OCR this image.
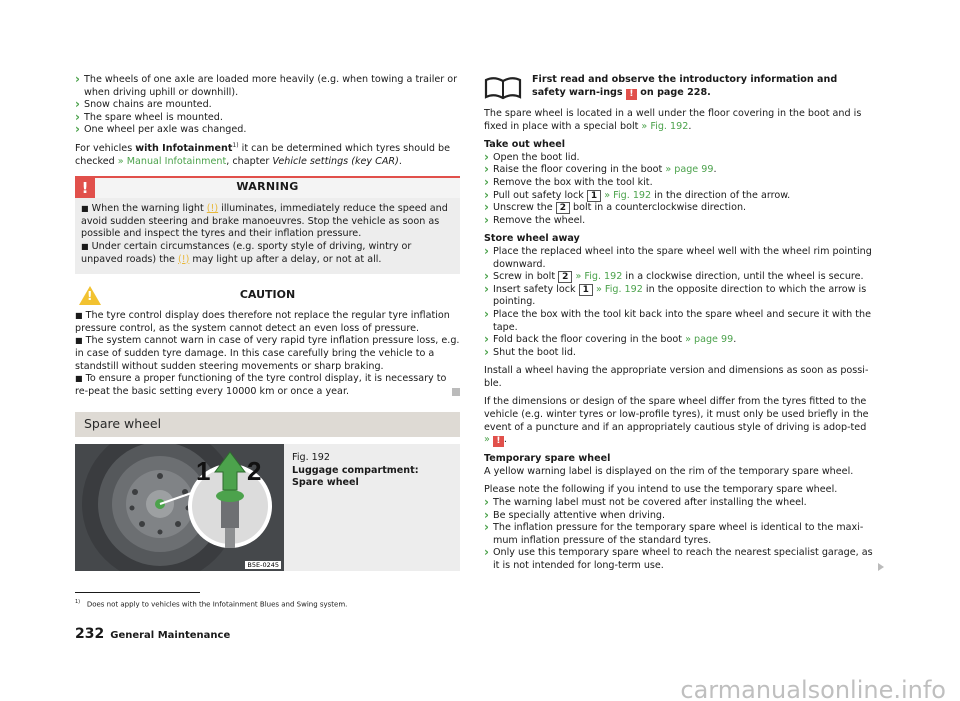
› The wheels of one axle are loaded more heavily (e.g. when towing a trailer or when driving uphill or downhill).
› Snow chains are mounted.
› The spare wheel is mounted.
› One wheel per axle was changed.

For vehicles with Infotainment$^{1)}$ it can be determined which tyres should be checked » Manual Infotainment, chapter Vehicle settings (key CAR).

!	WARNING
■ When the warning light (!) illuminates, immediately reduce the speed and avoid sudden steering and brake manoeuvres. Stop the vehicle as soon as possible and inspect the tyres and their inflation pressure.
■ Under certain circumstances (e.g. sporty style of driving, wintry or unpaved roads) the (!) may light up after a delay, or not at all.
!	CAUTION
■ The tyre control display does therefore not replace the regular tyre inflation pressure control, as the system cannot detect an even loss of pressure.
■ The system cannot warn in case of very rapid tyre inflation pressure loss, e.g. in case of sudden tyre damage. In this case carefully bring the vehicle to a standstill without sudden steering movements or sharp braking.
■ To ensure a proper functioning of the tyre control display, it is necessary to re-peat the basic setting every 10000 km or once a year.
Spare wheel
1 2
B5E-0245
Fig. 192
Luggage compartment: Spare wheel
First read and observe the introductory information and safety warn-ings ! on page 228.

The spare wheel is located in a well under the floor covering in the boot and is fixed in place with a special bolt » Fig. 192.

Take out wheel
› Open the boot lid.
› Raise the floor covering in the boot » page 99.
› Remove the box with the tool kit.
› Pull out safety lock 1 » Fig. 192 in the direction of the arrow.
› Unscrew the 2 bolt in a counterclockwise direction.
› Remove the wheel.
Store wheel away
› Place the replaced wheel into the spare wheel well with the wheel rim pointing downward.
› Screw in bolt 2 » Fig. 192 in a clockwise direction, until the wheel is secure.
› Insert safety lock 1 » Fig. 192 in the opposite direction to which the arrow is pointing.
› Place the box with the tool kit back into the spare wheel and secure it with the tape.
› Fold back the floor covering in the boot » page 99.
› Shut the boot lid.

Install a wheel having the appropriate version and dimensions as soon as possi-ble.

If the dimensions or design of the spare wheel differ from the tyres fitted to the vehicle (e.g. winter tyres or low-profile tyres), it must only be used briefly in the event of a puncture and if an appropriately cautious style of driving is adop-ted » ! .

Temporary spare wheel

A yellow warning label is displayed on the rim of the temporary spare wheel.

Please note the following if you intend to use the temporary spare wheel.
› The warning label must not be covered after installing the wheel.
› Be specially attentive when driving.
› The inflation pressure for the temporary spare wheel is identical to the maxi-mum inflation pressure of the standard tyres.
› Only use this temporary spare wheel to reach the nearest specialist garage, as it is not intended for long-term use.
$^{1)}$ Does not apply to vehicles with the Infotainment Blues and Swing system.
232 General Maintenance
carmanualsonline.info
